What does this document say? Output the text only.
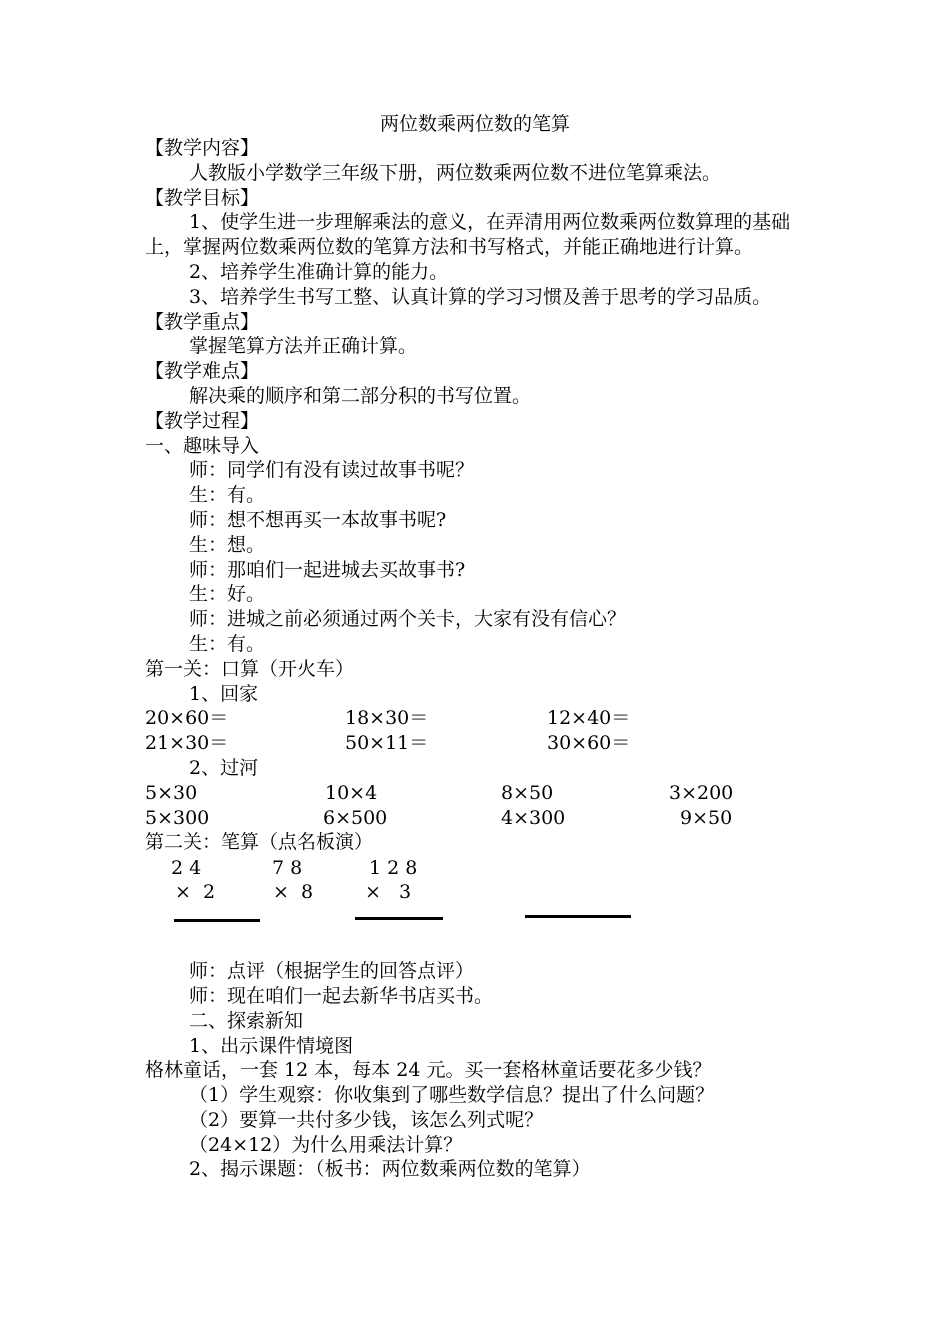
两位数乘两位数的笔算
【教学内容】
人教版小学数学三年级下册，两位数乘两位数不进位笔算乘法。
【教学目标】
1、使学生进一步理解乘法的意义，在弄清用两位数乘两位数算理的基础上，掌握两位数乘两位数的笔算方法和书写格式，并能正确地进行计算。
2、培养学生准确计算的能力。
3、培养学生书写工整、认真计算的学习习惯及善于思考的学习品质。
【教学重点】
掌握笔算方法并正确计算。
【教学难点】
解决乘的顺序和第二部分积的书写位置。
【教学过程】
一、趣味导入
师：同学们有没有读过故事书呢？
生：有。
师：想不想再买一本故事书呢?
生：想。
师：那咱们一起进城去买故事书?
生：好。
师：进城之前必须通过两个关卡，大家有没有信心？
生：有。
第一关：口算（开火车）
1、回家
20×60＝	18×30＝	12×40＝
21×30＝	50×11＝	30×60＝
2、过河
5×30	10×4	8×50	3×200
5×300	6×500	4×300	9×50
第二关：笔算（点名板演）
2 4
×  2
7 8
×  8
1 2 8
×   3
师：点评（根据学生的回答点评）
师：现在咱们一起去新华书店买书。
二、探索新知
1、出示课件情境图
格林童话，一套 12 本，每本 24 元。买一套格林童话要花多少钱？
（1）学生观察：你收集到了哪些数学信息？提出了什么问题？
（2）要算一共付多少钱，该怎么列式呢？
（24×12）为什么用乘法计算？
2、揭示课题：（板书：两位数乘两位数的笔算）
